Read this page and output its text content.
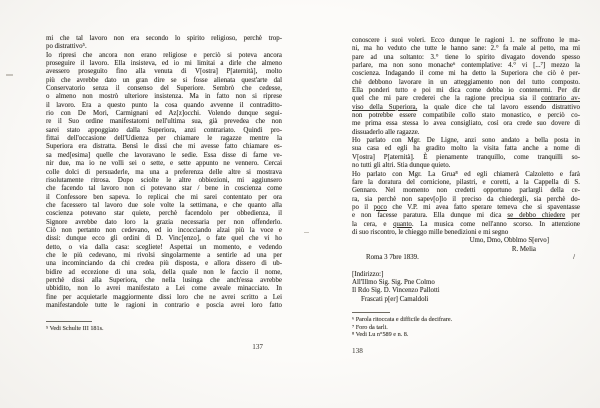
mi che tal lavoro non era secondo lo spirito religioso, perchè trop-
po distrattivo⁵.
Io ripresi che ancora non erano religiose e perciò si poteva ancora
proseguire il lavoro. Ella insisteva, ed io mi limitai a dirle che almeno
avessero proseguito fino alla venuta di V[ostra] P[aternità], molto
più che avrebbe dato un gran dire se si fosse alienata quest'arte dal
Conservatorio senza il consenso del Superiore. Sembrò che cedesse,
o almeno non mostrò ulteriore insistenza. Ma in fatto non si riprese
il lavoro. Era a questo punto la cosa quando avvenne il contraditto-
rio con De Mori, Carmignani ed Az[z]occhi. Volendo dunque segui-
re il Suo ordine manifestatomi nell'ultima sua, già prevedea che non
sarei stato appoggiato dalla Superiora, anzi contrariato. Quindi pro-
fittai dell'occasione dell'Udienza per chiamare le ragazze mentre la
Superiora era distratta. Bensì le dissi che mi avesse fatto chiamare es-
sa med[esima] quelle che lavoravano le sedie. Essa disse di farne ve-
nir due, ma io ne volli sei o sette, e sette appunto ne vennero. Cercai
colle dolci di persuaderle, ma una a preferenza delle altre si mostrava
risolutamente ritrosa. Dopo sciolte le altre obbiezioni, mi aggiunsero
che facendo tal lavoro non ci potevano star / bene in coscienza come
il Confessore ben sapeva. Io replicai che mi sarei contentato per ora
che facessero tal lavoro due sole volte la settimana, e che quanto alla
coscienza potevano star quiete, perchè facendolo per obbedienza, il
Signore avrebbe dato loro la grazia necessaria per non offenderlo.
Ciò non pertanto non cedevano, ed io incocciando alzai più la voce e
dissi: dunque ecco gli ordini di D. Vinc[enzo], o fate quel che vi ho
detto, o via dalla casa: scegliete! Aspettai un momento, e vedendo
che le più cedevano, mi rivolsi singolarmente a sentirle ad una per
una incominciando da chi credea più disposta, e allora dissero di ub-
bidire ad eccezione di una sola, della quale non le faccio il nome,
perchè dissi alla Superiora, che nella lusinga che anch'essa avrebbe
ubbidito, non lo avrei manifestato a Lei come aveale minacciato. In
fine per acquietarle maggiormente dissi loro che ne avrei scritto a Lei
manifestandole tutte le ragioni in contrario e poscia avrei loro fatto
⁵ Vedi Schulte III 181s.
137
conoscere i suoi voleri. Ecco dunque le ragioni 1. ne soffrono le ma-
ni, ma ho veduto che tutte le hanno sane: 2.° fa male al petto, ma mi
pare ad una soltanto: 3.° tiene lo spirito divagato dovendo spesso
parlare, ma non sono monache⁶ contemplative: 4.° vi [...⁷] mezzo la
coscienza. Indagando il come mi ha detto la Superiora che ciò è per-
chè debbono lavorare in un atteggiamento non del tutto composto.
Ella ponderi tutto e poi mi dica come debba io contenermi. Per dir
quel che mi pare crederei che la ragione precipua sia il contrario av-
viso della Superiora, la quale dice che tal lavoro essendo distrattivo
non potrebbe essere compatibile collo stato monastico, e perciò co-
me prima essa stessa lo avea consigliato, così ora crede suo dovere di
dissuaderlo alle ragazze.
Ho parlato con Mgr. De Ligne, anzi sono andato a bella posta in
sua casa ed egli ha gradito molto la visita fatta anche a nome di
V[ostra] P[aternità]. È pienamente tranquillo, come tranquilli so-
no tutti gli altri. Stia dunque quieto.
Ho parlato con Mgr. La Grua⁸ ed egli chiamerà Calzoletto e farà
fare la doratura del cornicione, pilastri, e coretti, a la Cappella di S.
Gennaro. Nel momento non credetti opportuno parlargli della ce-
ra, sia perchè non sapev[o]lo il preciso da chiedergli, sia perchè do-
po il poco che V.P. mi avea fatto sperare temeva che si spaventasse
e non facesse paratura. Ella dunque mi dica se debbo chiedere per
la cera, e quanto. La musica come nell'anno scorso. In attenzione
di suo riscontro, le chieggo mille benedizioni e mi segno
Umo, Dmo, Obblmo S[ervo]
R. Melia
Roma 3 7bre 1839.	/
[Indirizzo:]
All'Illmo Sig. Sig. Pne Colmo
Il Rdo Sig. D. Vincenzo Pallotti
Frascati p[er] Camaldoli
⁶ Parola ritoccata e difficile da decifrare.
⁷ Foro da tarli.
⁸ Vedi Lu n°589 e n. 8.
138
